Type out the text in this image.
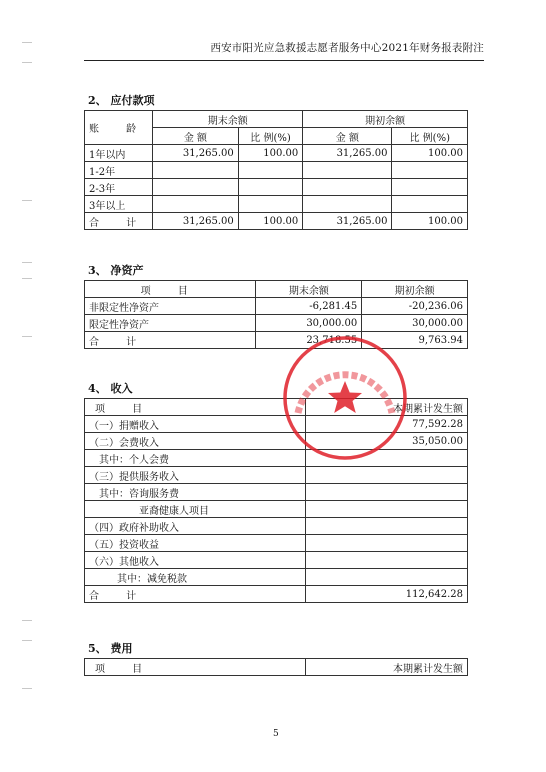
西安市阳光应急救援志愿者服务中心2021年财务报表附注
2、 应付款项
账 龄	期末余额		期初余额	
	金 额	比 例(%)	金 额	比 例(%)
1年以内	31,265.00	100.00	31,265.00	100.00
1-2年				
2-3年				
3年以上				
合 计	31,265.00	100.00	31,265.00	100.00
3、 净资产
项 目	期末余额	期初余额
非限定性净资产	-6,281.45	-20,236.06
限定性净资产	30,000.00	30,000.00
合 计	23,718.55	9,763.94
4、 收入
项 目	本期累计发生额
（一）捐赠收入	77,592.28
（二）会费收入	35,050.00
其中：个人会费	
（三）提供服务收入	
其中：咨询服务费	
亚裔健康人项目	
（四）政府补助收入	
（五）投资收益	
（六）其他收入	
其中：减免税款	
合 计	112,642.28
5、 费用
项 目	本期累计发生额
5
